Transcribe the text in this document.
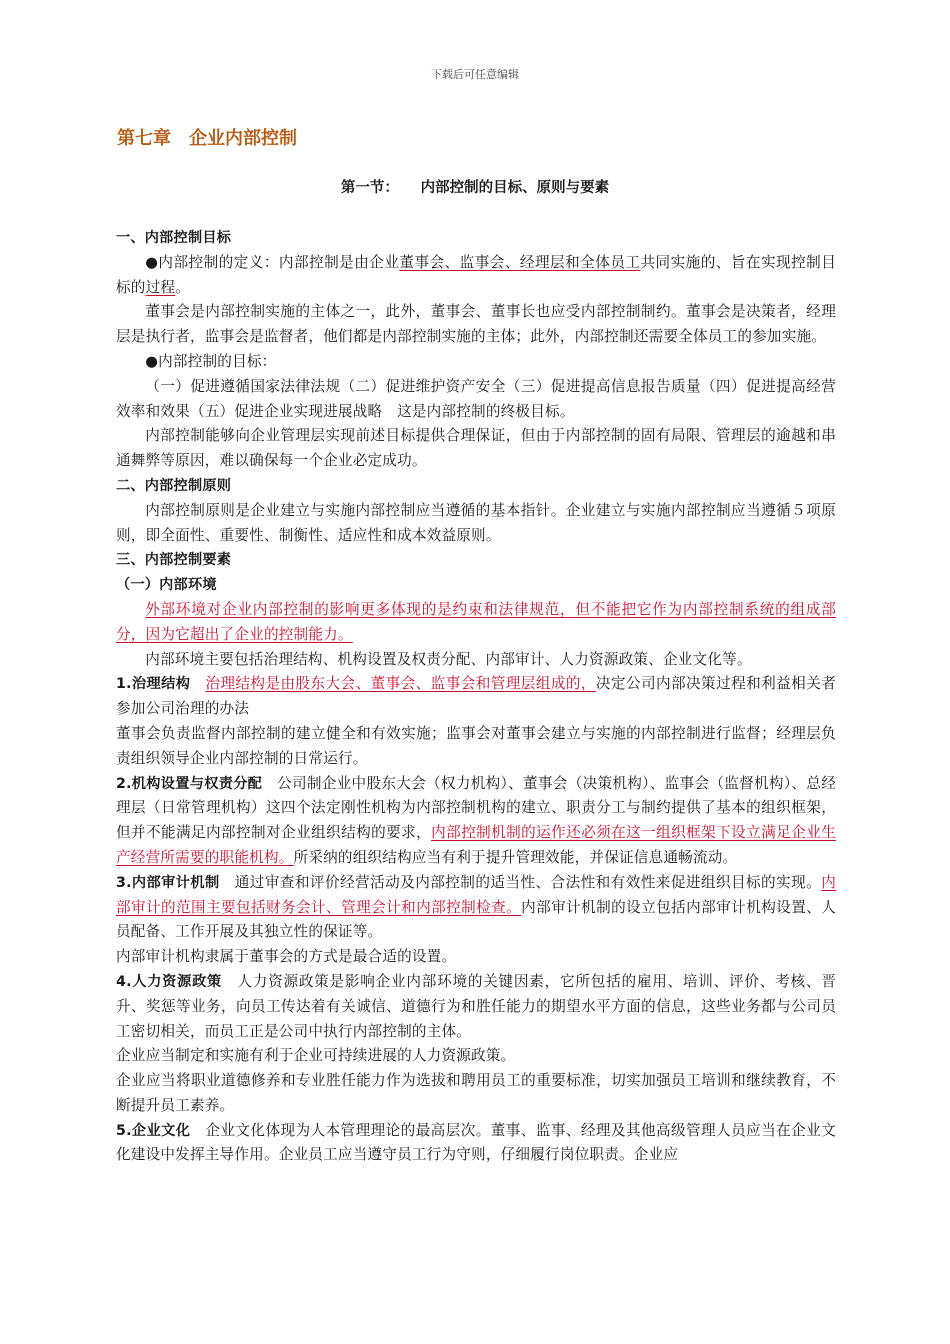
下载后可任意编辑
第七章　企业内部控制
第一节：　　内部控制的目标、原则与要素

一、内部控制目标

●内部控制的定义：内部控制是由企业董事会、监事会、经理层和全体员工共同实施的、旨在实现控制目标的过程。

董事会是内部控制实施的主体之一，此外，董事会、董事长也应受内部控制制约。董事会是决策者，经理层是执行者，监事会是监督者，他们都是内部控制实施的主体；此外，内部控制还需要全体员工的参加实施。

●内部控制的目标：

（一）促进遵循国家法律法规（二）促进维护资产安全（三）促进提高信息报告质量（四）促进提高经营效率和效果（五）促进企业实现进展战略　这是内部控制的终极目标。

内部控制能够向企业管理层实现前述目标提供合理保证，但由于内部控制的固有局限、管理层的逾越和串通舞弊等原因，难以确保每一个企业必定成功。

二、内部控制原则

内部控制原则是企业建立与实施内部控制应当遵循的基本指针。企业建立与实施内部控制应当遵循５项原则，即全面性、重要性、制衡性、适应性和成本效益原则。

三、内部控制要素

（一）内部环境

外部环境对企业内部控制的影响更多体现的是约束和法律规范，但不能把它作为内部控制系统的组成部分，因为它超出了企业的控制能力。

内部环境主要包括治理结构、机构设置及权责分配、内部审计、人力资源政策、企业文化等。

1.治理结构　 治理结构是由股东大会、董事会、监事会和管理层组成的，决定公司内部决策过程和利益相关者参加公司治理的办法

董事会负责监督内部控制的建立健全和有效实施；监事会对董事会建立与实施的内部控制进行监督；经理层负责组织领导企业内部控制的日常运行。

2.机构设置与权责分配　 公司制企业中股东大会（权力机构）、董事会（决策机构）、监事会（监督机构）、总经理层（日常管理机构）这四个法定刚性机构为内部控制机构的建立、职责分工与制约提供了基本的组织框架，但并不能满足内部控制对企业组织结构的要求，内部控制机制的运作还必须在这一组织框架下设立满足企业生产经营所需要的职能机构。所采纳的组织结构应当有利于提升管理效能，并保证信息通畅流动。

3.内部审计机制　 通过审查和评价经营活动及内部控制的适当性、合法性和有效性来促进组织目标的实现。内部审计的范围主要包括财务会计、管理会计和内部控制检查。内部审计机制的设立包括内部审计机构设置、人员配备、工作开展及其独立性的保证等。

内部审计机构隶属于董事会的方式是最合适的设置。

4.人力资源政策　 人力资源政策是影响企业内部环境的关键因素，它所包括的雇用、培训、评价、考核、晋升、奖惩等业务，向员工传达着有关诚信、道德行为和胜任能力的期望水平方面的信息，这些业务都与公司员工密切相关，而员工正是公司中执行内部控制的主体。

企业应当制定和实施有利于企业可持续进展的人力资源政策。

企业应当将职业道德修养和专业胜任能力作为选拔和聘用员工的重要标准，切实加强员工培训和继续教育，不断提升员工素养。

5.企业文化　 企业文化体现为人本管理理论的最高层次。董事、监事、经理及其他高级管理人员应当在企业文化建设中发挥主导作用。企业员工应当遵守员工行为守则，仔细履行岗位职责。企业应
